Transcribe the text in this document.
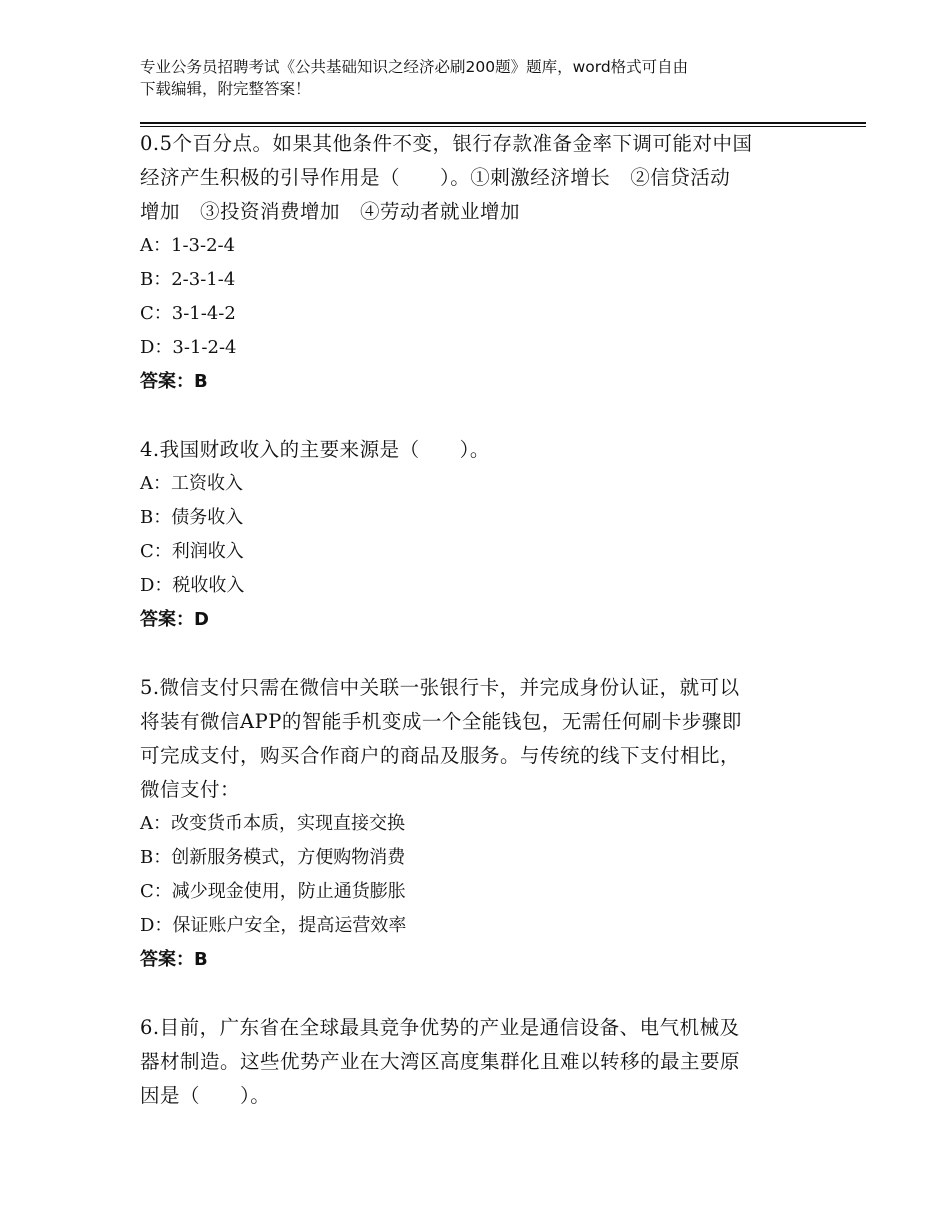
专业公务员招聘考试《公共基础知识之经济必刷200题》题库，word格式可自由
下载编辑，附完整答案！

0.5个百分点。如果其他条件不变，银行存款准备金率下调可能对中国

经济产生积极的引导作用是（　　）。①刺激经济增长　②信贷活动

增加　③投资消费增加　④劳动者就业增加

A：1-3-2-4

B：2-3-1-4

C：3-1-4-2

D：3-1-2-4

答案：B

4.我国财政收入的主要来源是（　　）。

A：工资收入

B：债务收入

C：利润收入

D：税收收入

答案：D

5.微信支付只需在微信中关联一张银行卡，并完成身份认证，就可以

将装有微信APP的智能手机变成一个全能钱包，无需任何刷卡步骤即

可完成支付，购买合作商户的商品及服务。与传统的线下支付相比，

微信支付：

A：改变货币本质，实现直接交换

B：创新服务模式，方便购物消费

C：减少现金使用，防止通货膨胀

D：保证账户安全，提高运营效率

答案：B

6.目前，广东省在全球最具竞争优势的产业是通信设备、电气机械及

器材制造。这些优势产业在大湾区高度集群化且难以转移的最主要原

因是（　　）。
